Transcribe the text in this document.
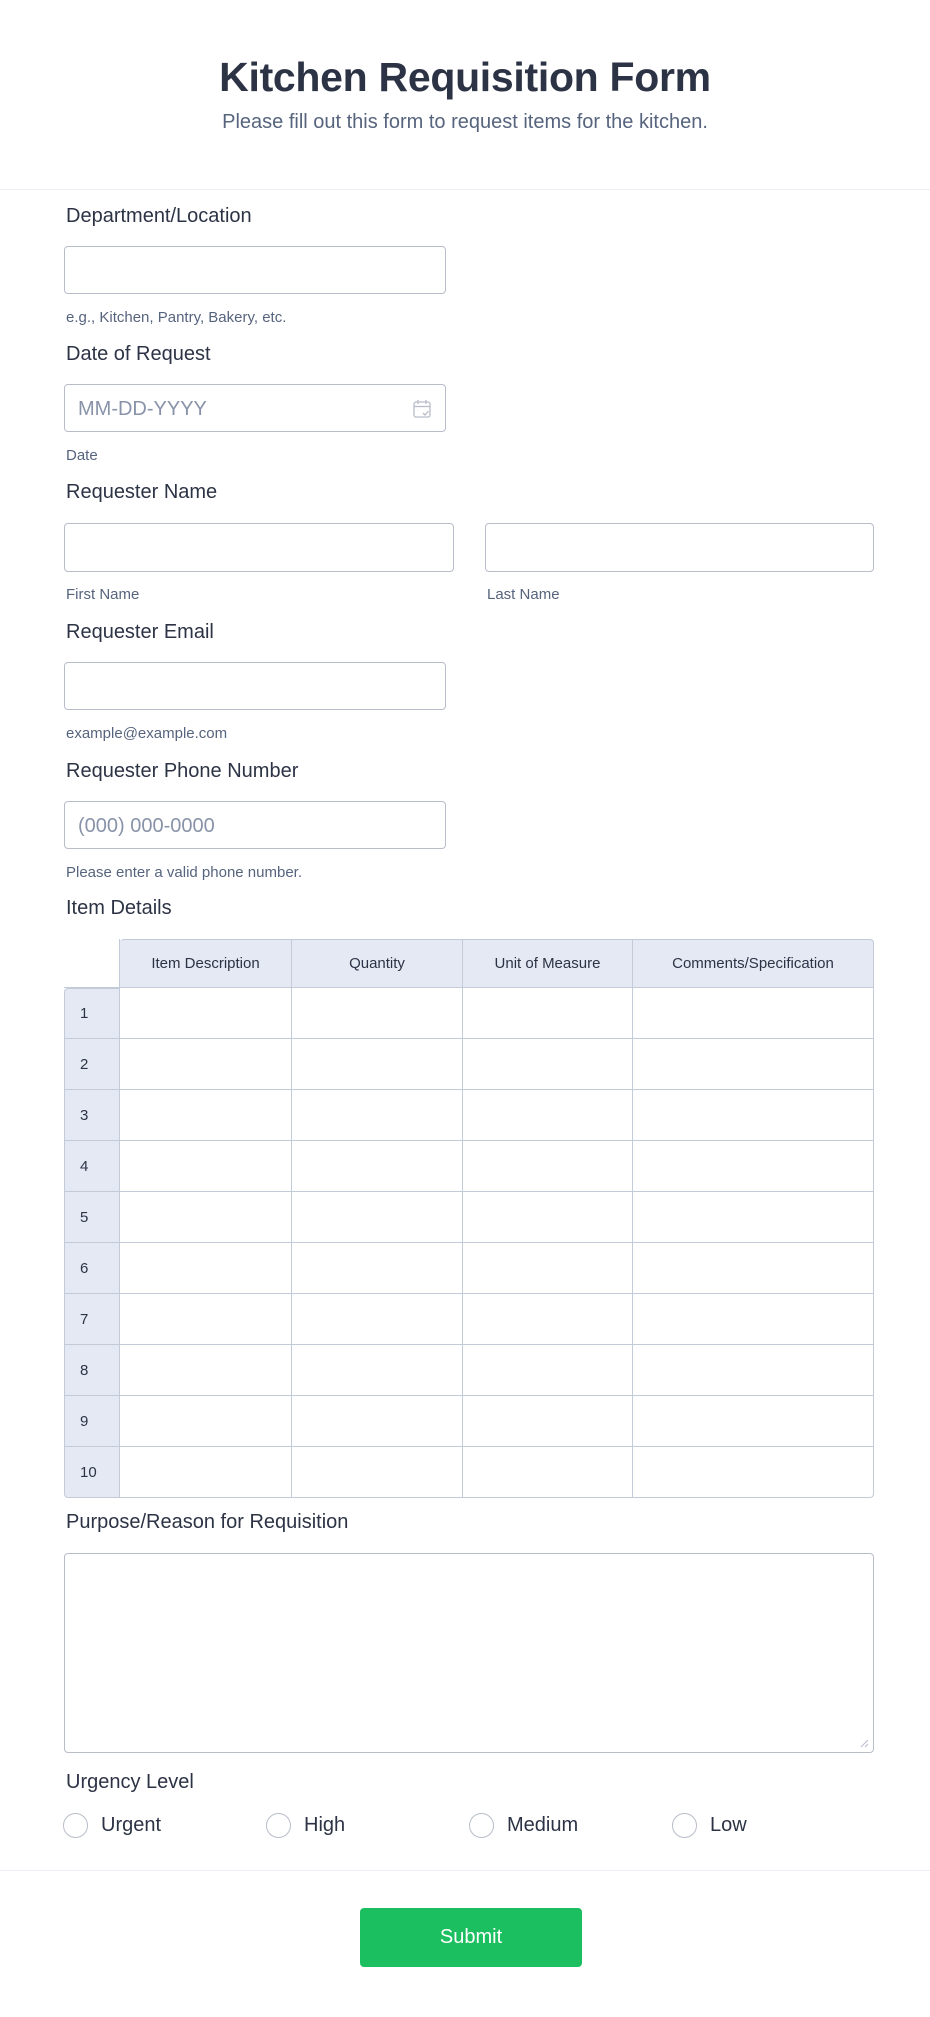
Kitchen Requisition Form
Please fill out this form to request items for the kitchen.
Department/Location
e.g., Kitchen, Pantry, Bakery, etc.
Date of Request
MM-DD-YYYY
Date
Requester Name
First Name	Last Name
Requester Email
example@example.com
Requester Phone Number
(000) 000-0000
Please enter a valid phone number.
Item Details
	Item Description	Quantity	Unit of Measure	Comments/Specification
1				
2				
3				
4				
5				
6				
7				
8				
9				
10				
Purpose/Reason for Requisition
Urgency Level
Urgent	High	Medium	Low
Submit
